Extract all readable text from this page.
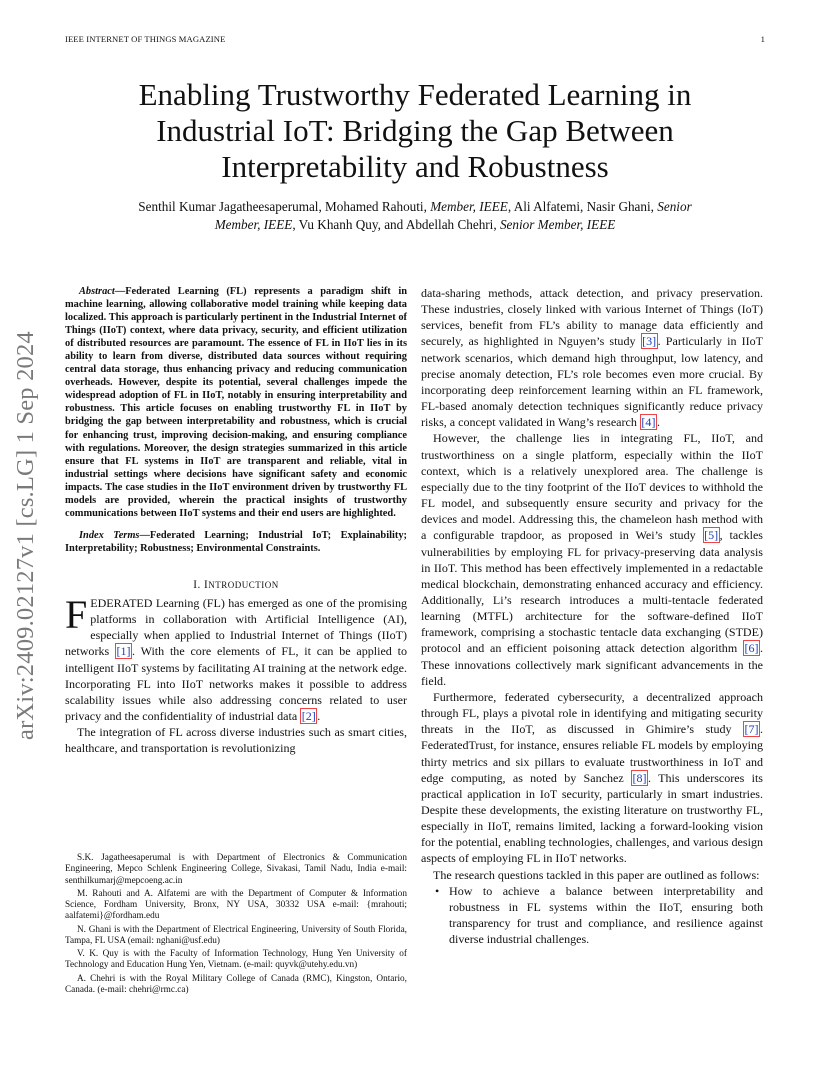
IEEE INTERNET OF THINGS MAGAZINE	1
arXiv:2409.02127v1 [cs.LG] 1 Sep 2024
Enabling Trustworthy Federated Learning in
Industrial IoT: Bridging the Gap Between
Interpretability and Robustness
Senthil Kumar Jagatheesaperumal, Mohamed Rahouti, Member, IEEE, Ali Alfatemi, Nasir Ghani, Senior
Member, IEEE, Vu Khanh Quy, and Abdellah Chehri, Senior Member, IEEE

Abstract—Federated Learning (FL) represents a paradigm shift in machine learning, allowing collaborative model training while keeping data localized. This approach is particularly pertinent in the Industrial Internet of Things (IIoT) context, where data privacy, security, and efficient utilization of distributed resources are paramount. The essence of FL in IIoT lies in its ability to learn from diverse, distributed data sources without requiring central data storage, thus enhancing privacy and reducing communication overheads. However, despite its potential, several challenges impede the widespread adoption of FL in IIoT, notably in ensuring interpretability and robustness. This article focuses on enabling trustworthy FL in IIoT by bridging the gap between interpretability and robustness, which is crucial for enhancing trust, improving decision-making, and ensuring compliance with regulations. Moreover, the design strategies summarized in this article ensure that FL systems in IIoT are transparent and reliable, vital in industrial settings where decisions have significant safety and economic impacts. The case studies in the IIoT environment driven by trustworthy FL models are provided, wherein the practical insights of trustworthy communications between IIoT systems and their end users are highlighted.

Index Terms—Federated Learning; Industrial IoT; Explainability; Interpretability; Robustness; Environmental Constraints.

I. INTRODUCTION

FEDERATED Learning (FL) has emerged as one of the promising platforms in collaboration with Artificial Intelligence (AI), especially when applied to Industrial Internet of Things (IIoT) networks [1] . With the core elements of FL, it can be applied to intelligent IIoT systems by facilitating AI training at the network edge. Incorporating FL into IIoT networks makes it possible to address scalability issues while also addressing concerns related to user privacy and the confidentiality of industrial data [2] .

The integration of FL across diverse industries such as smart cities, healthcare, and transportation is revolutionizing

S.K. Jagatheesaperumal is with Department of Electronics & Communication Engineering, Mepco Schlenk Engineering College, Sivakasi, Tamil Nadu, India e-mail: senthilkumarj@mepcoeng.ac.in

M. Rahouti and A. Alfatemi are with the Department of Computer & Information Science, Fordham University, Bronx, NY USA, 30332 USA e-mail: {mrahouti; aalfatemi}@fordham.edu

N. Ghani is with the Department of Electrical Engineering, University of South Florida, Tampa, FL USA (email: nghani@usf.edu)

V. K. Quy is with the Faculty of Information Technology, Hung Yen University of Technology and Education Hung Yen, Vietnam. (e-mail: quyvk@utehy.edu.vn)

A. Chehri is with the Royal Military College of Canada (RMC), Kingston, Ontario, Canada. (e-mail: chehri@rmc.ca)

data-sharing methods, attack detection, and privacy preservation. These industries, closely linked with various Internet of Things (IoT) services, benefit from FL’s ability to manage data efficiently and securely, as highlighted in Nguyen’s study [3] . Particularly in IIoT network scenarios, which demand high throughput, low latency, and precise anomaly detection, FL’s role becomes even more crucial. By incorporating deep reinforcement learning within an FL framework, FL-based anomaly detection techniques significantly reduce privacy risks, a concept validated in Wang’s research [4] .

However, the challenge lies in integrating FL, IIoT, and trustworthiness on a single platform, especially within the IIoT context, which is a relatively unexplored area. The challenge is especially due to the tiny footprint of the IIoT devices to withhold the FL model, and subsequently ensure security and privacy for the devices and model. Addressing this, the chameleon hash method with a configurable trapdoor, as proposed in Wei’s study [5] , tackles vulnerabilities by employing FL for privacy-preserving data analysis in IIoT. This method has been effectively implemented in a redactable medical blockchain, demonstrating enhanced accuracy and efficiency. Additionally, Li’s research introduces a multi-tentacle federated learning (MTFL) architecture for the software-defined IIoT framework, comprising a stochastic tentacle data exchanging (STDE) protocol and an efficient poisoning attack detection algorithm [6] . These innovations collectively mark significant advancements in the field.

Furthermore, federated cybersecurity, a decentralized approach through FL, plays a pivotal role in identifying and mitigating security threats in the IIoT, as discussed in Ghimire’s study [7] . FederatedTrust, for instance, ensures reliable FL models by employing thirty metrics and six pillars to evaluate trustworthiness in IoT and edge computing, as noted by Sanchez [8] . This underscores its practical application in IoT security, particularly in smart industries. Despite these developments, the existing literature on trustworthy FL, especially in IIoT, remains limited, lacking a forward-looking vision for the potential, enabling technologies, challenges, and various design aspects of employing FL in IIoT networks.

The research questions tackled in this paper are outlined as follows:

• How to achieve a balance between interpretability and robustness in FL systems within the IIoT, ensuring both transparency for trust and compliance, and resilience against diverse industrial challenges.
